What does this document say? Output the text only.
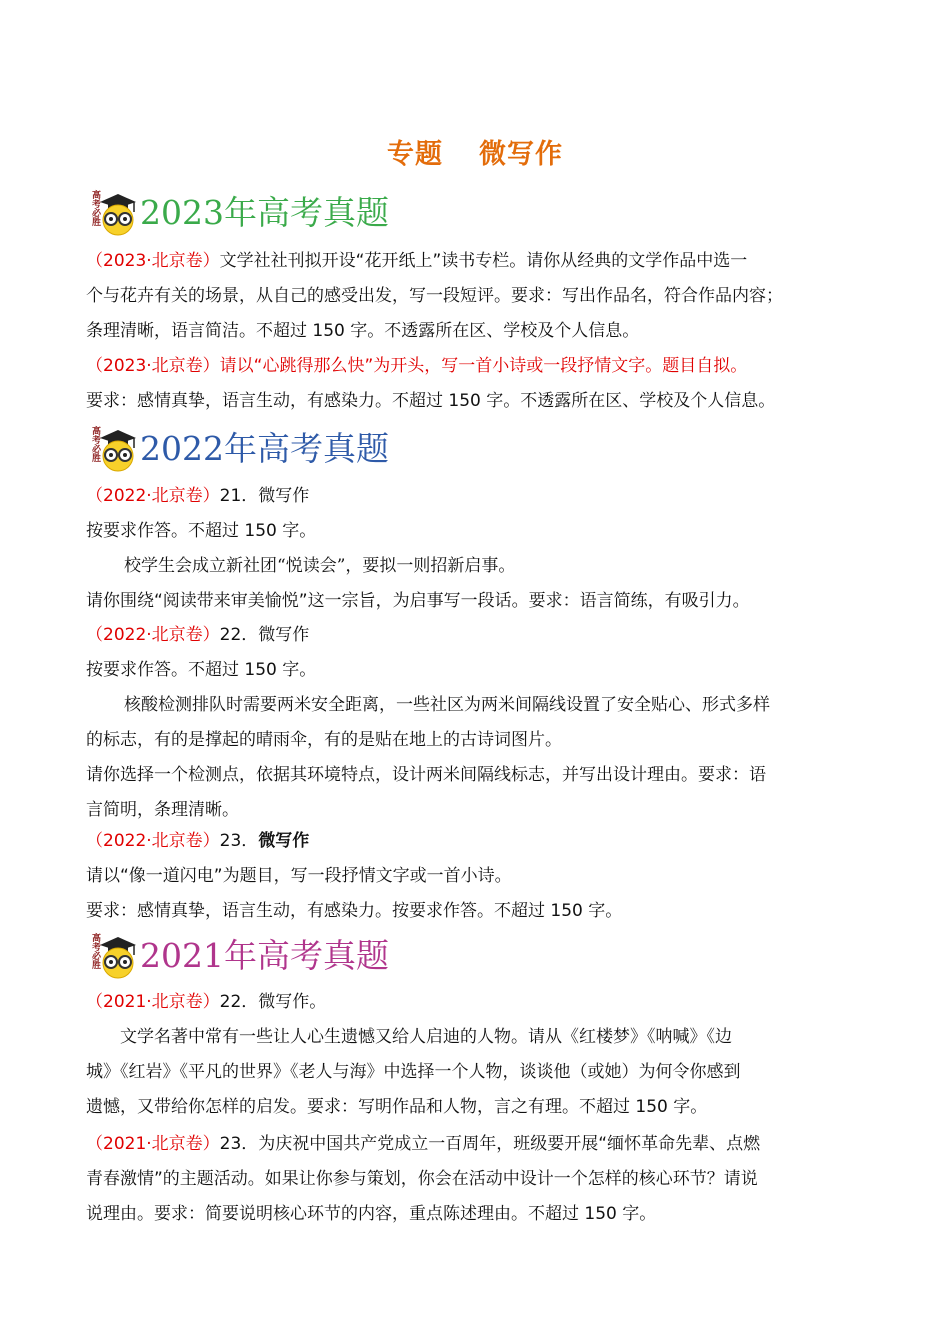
专题 微写作
高考必胜 2023年高考真题
（2023·北京卷）文学社社刊拟开设“花开纸上”读书专栏。请你从经典的文学作品中选一
个与花卉有关的场景，从自己的感受出发，写一段短评。要求：写出作品名，符合作品内容；
条理清晰，语言简洁。不超过 150 字。不透露所在区、学校及个人信息。
（2023·北京卷）请以“心跳得那么快”为开头，写一首小诗或一段抒情文字。题目自拟。
要求：感情真挚，语言生动，有感染力。不超过 150 字。不透露所在区、学校及个人信息。
高考必胜 2022年高考真题
（2022·北京卷）21．微写作
按要求作答。不超过 150 字。
校学生会成立新社团“悦读会”，要拟一则招新启事。
请你围绕“阅读带来审美愉悦”这一宗旨，为启事写一段话。要求：语言简练，有吸引力。
（2022·北京卷）22．微写作
按要求作答。不超过 150 字。
核酸检测排队时需要两米安全距离，一些社区为两米间隔线设置了安全贴心、形式多样
的标志，有的是撑起的晴雨伞，有的是贴在地上的古诗词图片。
请你选择一个检测点，依据其环境特点，设计两米间隔线标志，并写出设计理由。要求：语
言简明，条理清晰。
（2022·北京卷）23．微写作
请以“像一道闪电”为题目，写一段抒情文字或一首小诗。
要求：感情真挚，语言生动，有感染力。按要求作答。不超过 150 字。
高考必胜 2021年高考真题
（2021·北京卷）22．微写作。
文学名著中常有一些让人心生遗憾又给人启迪的人物。请从《红楼梦》《呐喊》《边
城》《红岩》《平凡的世界》《老人与海》中选择一个人物，谈谈他（或她）为何令你感到
遗憾，又带给你怎样的启发。要求：写明作品和人物，言之有理。不超过 150 字。
（2021·北京卷）23．为庆祝中国共产党成立一百周年，班级要开展“缅怀革命先辈、点燃
青春激情”的主题活动。如果让你参与策划，你会在活动中设计一个怎样的核心环节？请说
说理由。要求：简要说明核心环节的内容，重点陈述理由。不超过 150 字。
